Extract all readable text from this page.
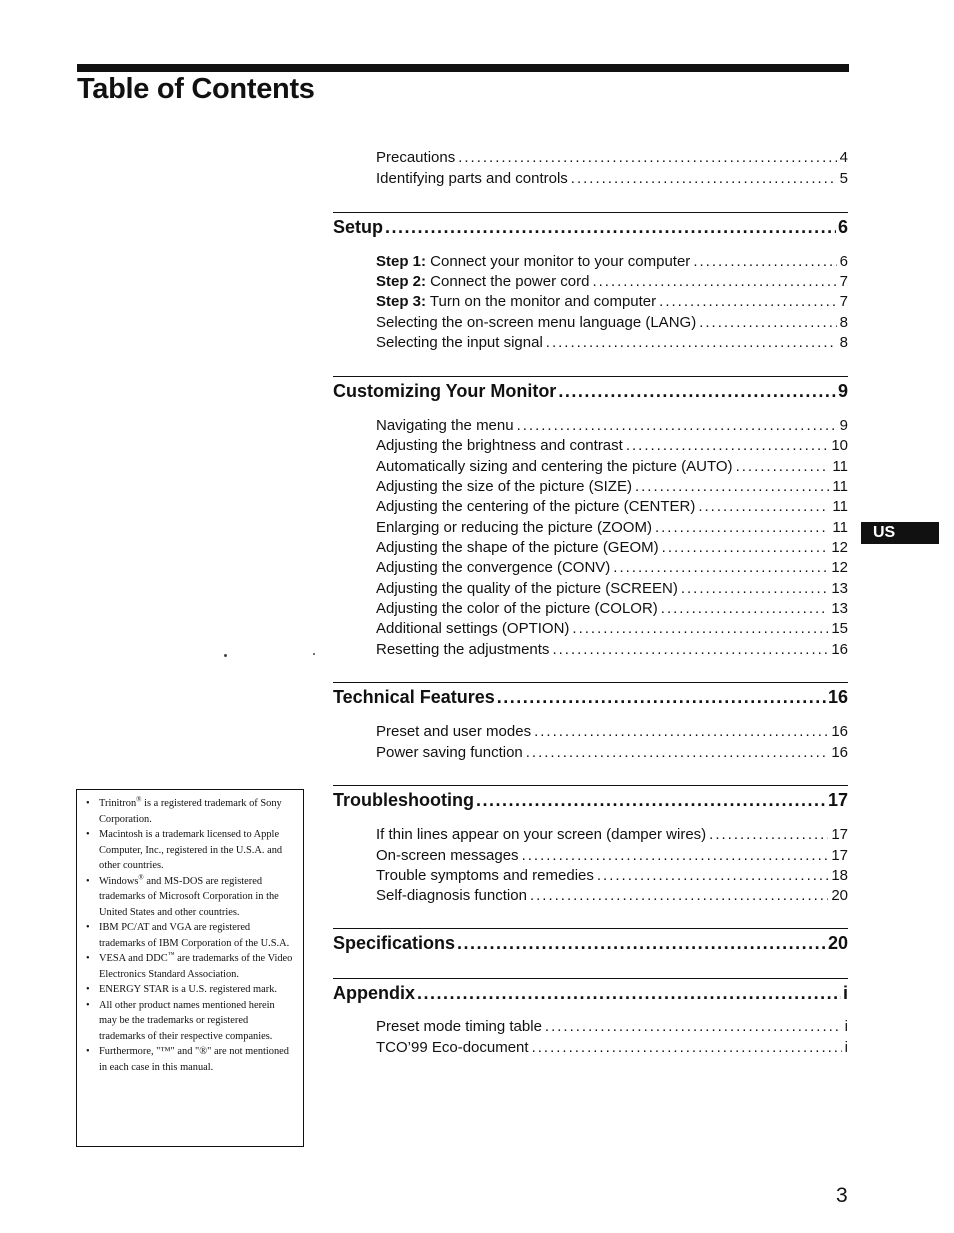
Table of Contents
Precautions .....	4
Identifying parts and controls .....	5
Setup .....	6
Step 1: Connect your monitor to your computer .....	6
Step 2: Connect the power cord .....	7
Step 3: Turn on the monitor and computer .....	7
Selecting the on-screen menu language (LANG) .....	8
Selecting the input signal .....	8
Customizing Your Monitor .....	9
Navigating the menu .....	9
Adjusting the brightness and contrast .....	10
Automatically sizing and centering the picture (AUTO) .....	11
Adjusting the size of the picture (SIZE) .....	11
Adjusting the centering of the picture (CENTER) .....	11
Enlarging or reducing the picture (ZOOM) .....	11
Adjusting the shape of the picture (GEOM) .....	12
Adjusting the convergence (CONV) .....	12
Adjusting the quality of the picture (SCREEN) .....	13
Adjusting the color of the picture (COLOR) .....	13
Additional settings (OPTION) .....	15
Resetting the adjustments .....	16
Technical Features .....	16
Preset and user modes .....	16
Power saving function .....	16
Troubleshooting .....	17
If thin lines appear on your screen (damper wires) .....	17
On-screen messages .....	17
Trouble symptoms and remedies .....	18
Self-diagnosis function .....	20
Specifications .....	20
Appendix .....	i
Preset mode timing table .....	i
TCO’99 Eco-document .....	i
US
• Trinitron® is a registered trademark of Sony Corporation.
• Macintosh is a trademark licensed to Apple Computer, Inc., registered in the U.S.A. and other countries.
• Windows® and MS-DOS are registered trademarks of Microsoft Corporation in the United States and other countries.
• IBM PC/AT and VGA are registered trademarks of IBM Corporation of the U.S.A.
• VESA and DDC™ are trademarks of the Video Electronics Standard Association.
• ENERGY STAR is a U.S. registered mark.
• All other product names mentioned herein may be the trademarks or registered trademarks of their respective companies.
• Furthermore, "™" and "®" are not mentioned in each case in this manual.
3
